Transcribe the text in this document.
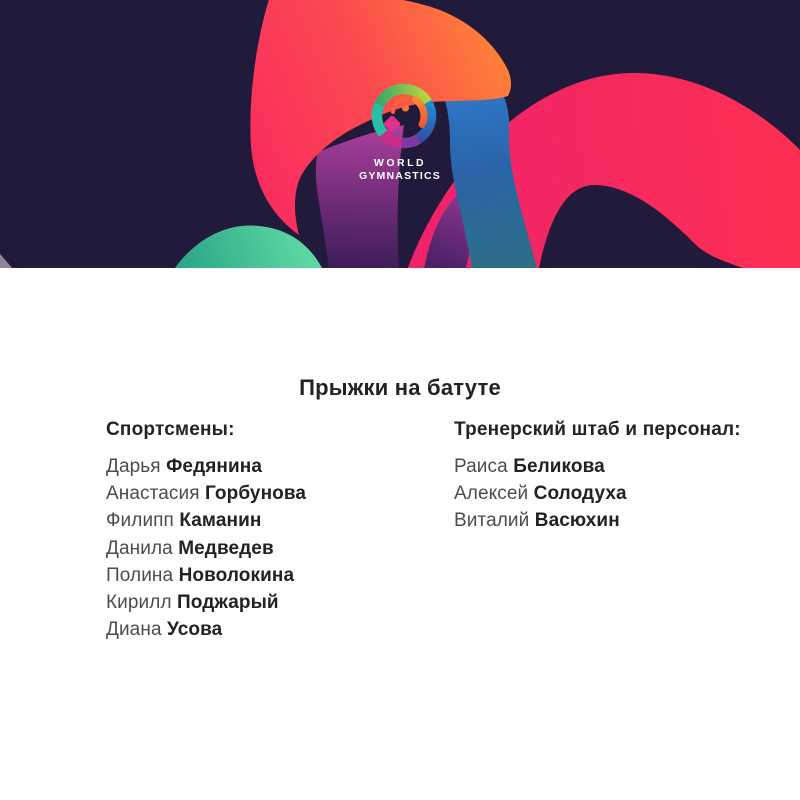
WORLD
GYMNASTICS
Прыжки на батуте
Спортсмены:
Дарья Федянина
Анастасия Горбунова
Филипп Каманин
Данила Медведев
Полина Новолокина
Кирилл Поджарый
Диана Усова
Тренерский штаб и персонал:
Раиса Беликова
Алексей Солодуха
Виталий Васюхин
